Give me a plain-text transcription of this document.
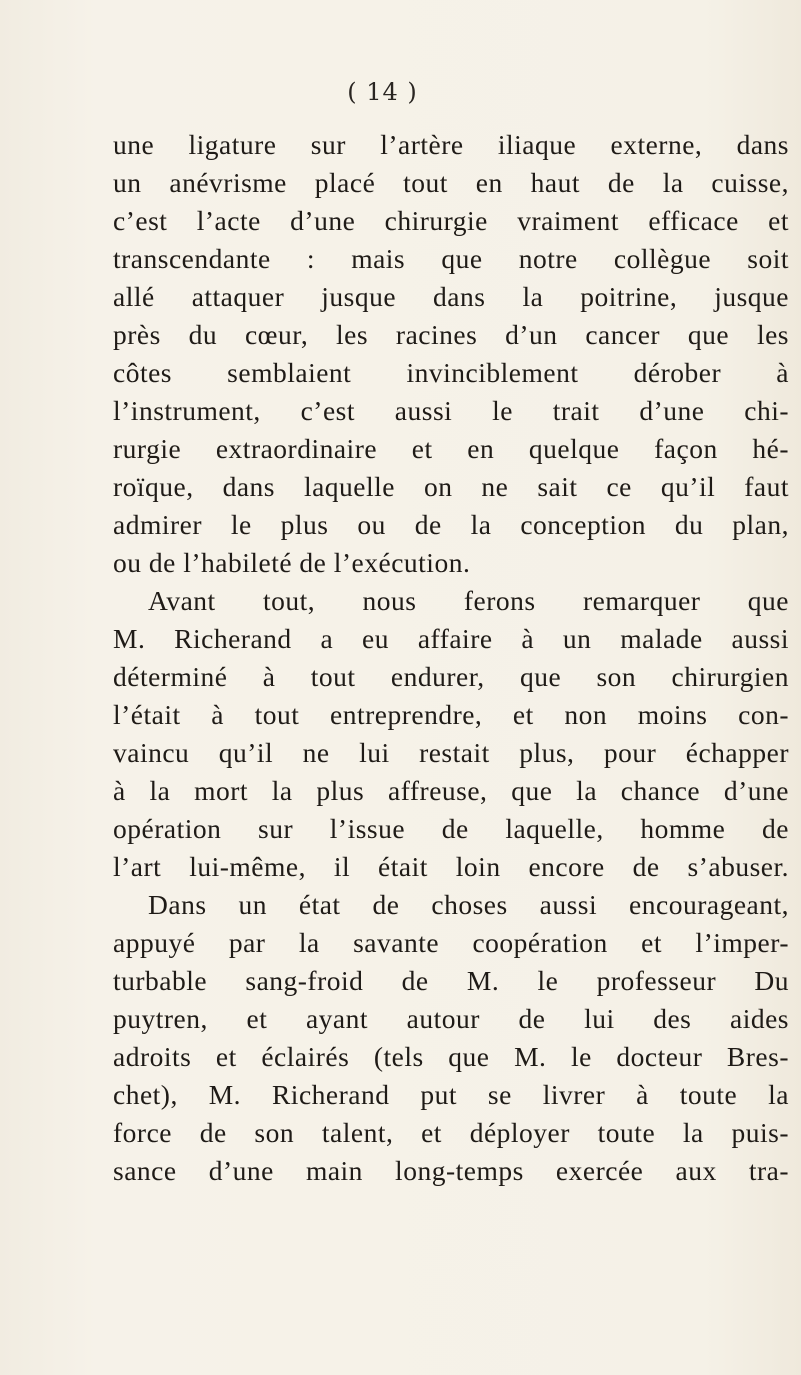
( 14 )
une ligature sur l’artère iliaque externe, dans
un anévrisme placé tout en haut de la cuisse,
c’est l’acte d’une chirurgie vraiment efficace et
transcendante : mais que notre collègue soit
allé attaquer jusque dans la poitrine, jusque
près du cœur, les racines d’un cancer que les
côtes semblaient invinciblement dérober à
l’instrument, c’est aussi le trait d’une chi-
rurgie extraordinaire et en quelque façon hé-
roïque, dans laquelle on ne sait ce qu’il faut
admirer le plus ou de la conception du plan,
ou de l’habileté de l’exécution.
Avant tout, nous ferons remarquer que
M. Richerand a eu affaire à un malade aussi
déterminé à tout endurer, que son chirurgien
l’était à tout entreprendre, et non moins con-
vaincu qu’il ne lui restait plus, pour échapper
à la mort la plus affreuse, que la chance d’une
opération sur l’issue de laquelle, homme de
l’art lui-même, il était loin encore de s’abuser.
Dans un état de choses aussi encourageant,
appuyé par la savante coopération et l’imper-
turbable sang-froid de M. le professeur Du
puytren, et ayant autour de lui des aides
adroits et éclairés (tels que M. le docteur Bres-
chet), M. Richerand put se livrer à toute la
force de son talent, et déployer toute la puis-
sance d’une main long-temps exercée aux tra-
